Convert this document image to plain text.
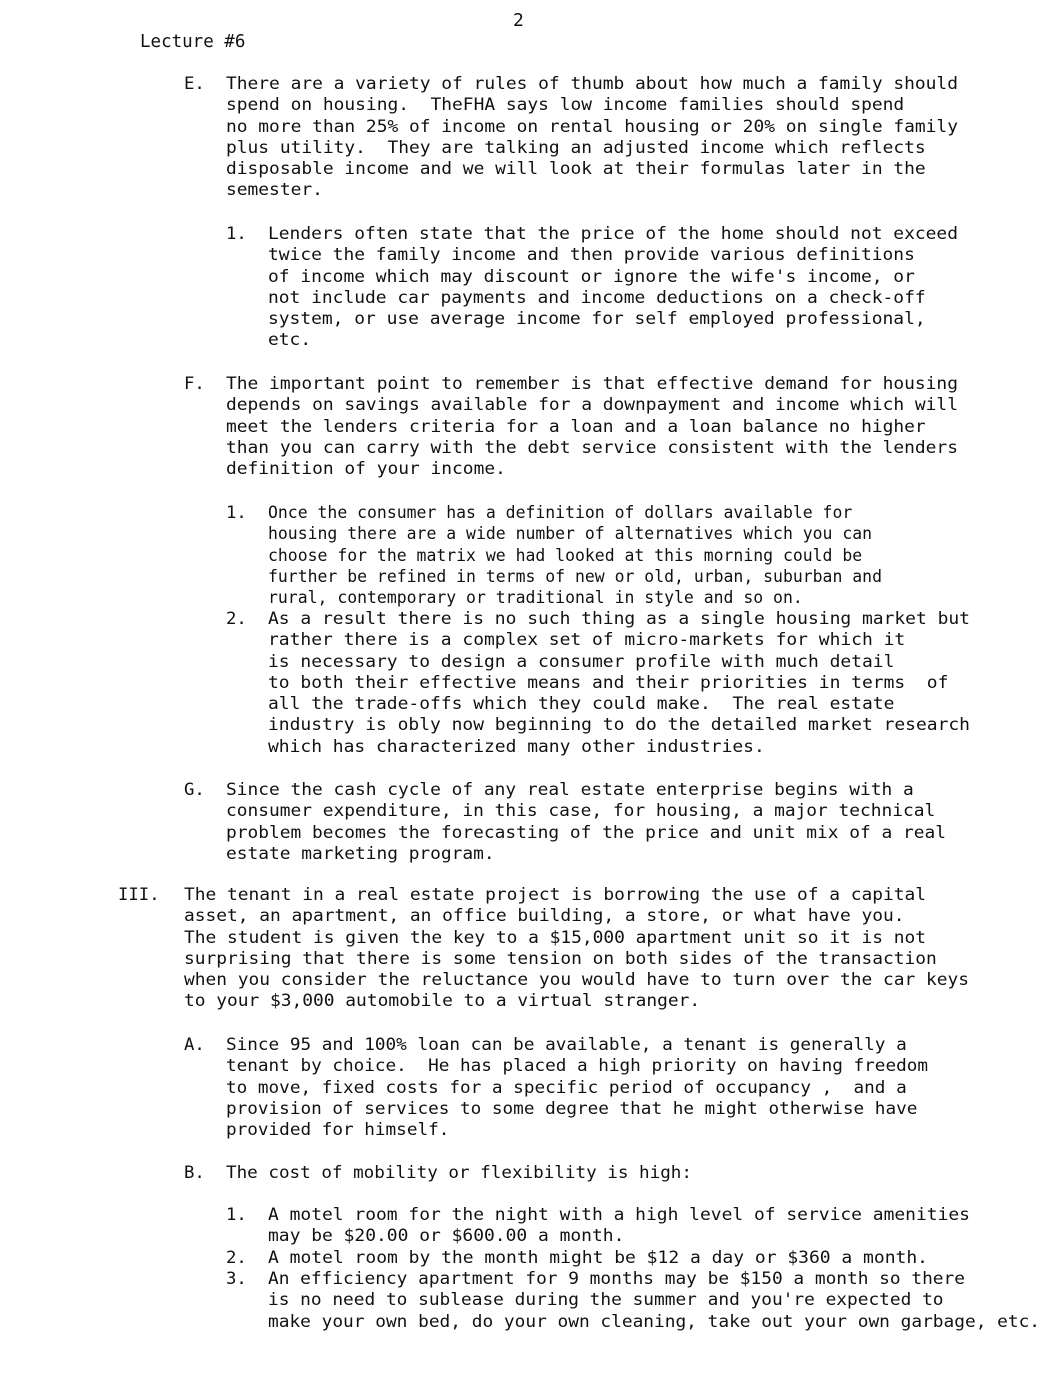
2
Lecture #6
E. There are a variety of rules of thumb about how much a family should
spend on housing.  TheFHA says low income families should spend
no more than 25% of income on rental housing or 20% on single family
plus utility.  They are talking an adjusted income which reflects
disposable income and we will look at their formulas later in the
semester.
1. Lenders often state that the price of the home should not exceed
twice the family income and then provide various definitions
of income which may discount or ignore the wife's income, or
not include car payments and income deductions on a check-off
system, or use average income for self employed professional,
etc.
F. The important point to remember is that effective demand for housing
depends on savings available for a downpayment and income which will
meet the lenders criteria for a loan and a loan balance no higher
than you can carry with the debt service consistent with the lenders
definition of your income.
1. Once the consumer has a definition of dollars available for
housing there are a wide number of alternatives which you can
choose for the matrix we had looked at this morning could be
further be refined in terms of new or old, urban, suburban and
rural, contemporary or traditional in style and so on.
2. As a result there is no such thing as a single housing market but
rather there is a complex set of micro-markets for which it
is necessary to design a consumer profile with much detail
to both their effective means and their priorities in terms  of
all the trade-offs which they could make.  The real estate
industry is obly now beginning to do the detailed market research
which has characterized many other industries.
G. Since the cash cycle of any real estate enterprise begins with a
consumer expenditure, in this case, for housing, a major technical
problem becomes the forecasting of the price and unit mix of a real
estate marketing program.
III. The tenant in a real estate project is borrowing the use of a capital
asset, an apartment, an office building, a store, or what have you.
The student is given the key to a $15,000 apartment unit so it is not
surprising that there is some tension on both sides of the transaction
when you consider the reluctance you would have to turn over the car keys
to your $3,000 automobile to a virtual stranger.
A. Since 95 and 100% loan can be available, a tenant is generally a
tenant by choice.  He has placed a high priority on having freedom
to move, fixed costs for a specific period of occupancy ,  and a
provision of services to some degree that he might otherwise have
provided for himself.
B. The cost of mobility or flexibility is high:
1. A motel room for the night with a high level of service amenities
may be $20.00 or $600.00 a month.
2. A motel room by the month might be $12 a day or $360 a month.
3. An efficiency apartment for 9 months may be $150 a month so there
is no need to sublease during the summer and you're expected to
make your own bed, do your own cleaning, take out your own garbage, etc.
